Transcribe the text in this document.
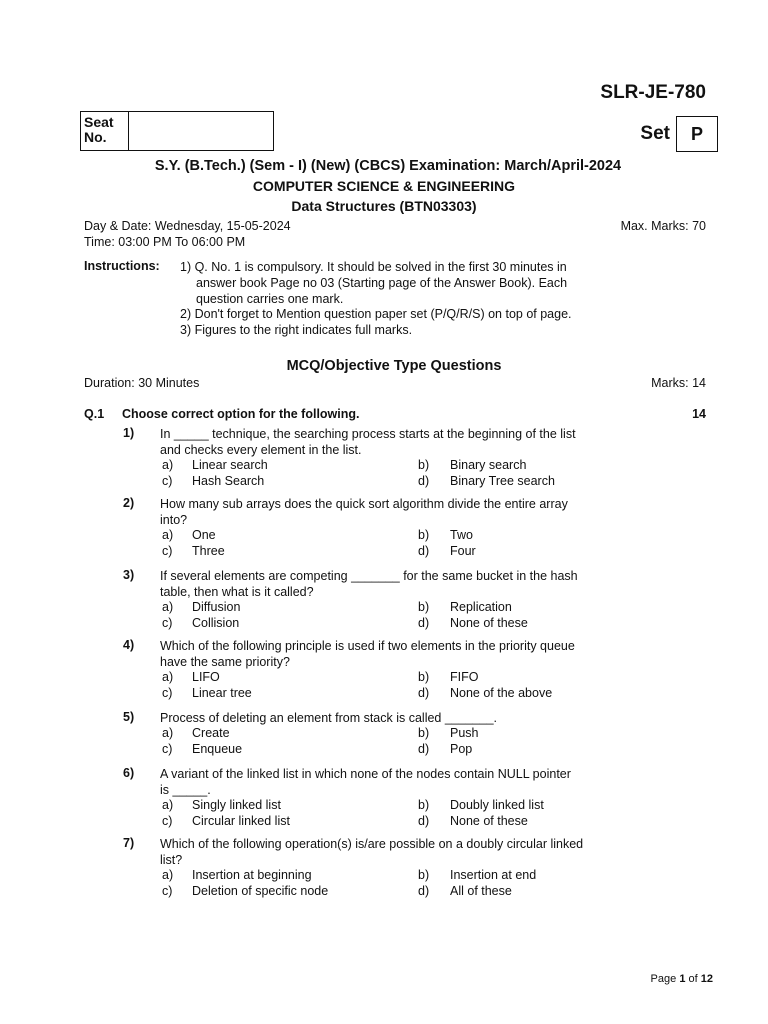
SLR-JE-780
Seat No.	Set	P
S.Y. (B.Tech.) (Sem - I) (New) (CBCS) Examination: March/April-2024
COMPUTER SCIENCE & ENGINEERING
Data Structures (BTN03303)
Day & Date: Wednesday, 15-05-2024
Time: 03:00 PM To 06:00 PM
Max. Marks: 70
Instructions: 1) Q. No. 1 is compulsory. It should be solved in the first 30 minutes in
answer book Page no 03 (Starting page of the Answer Book). Each
question carries one mark.
2) Don't forget to Mention question paper set (P/Q/R/S) on top of page.
3) Figures to the right indicates full marks.
MCQ/Objective Type Questions
Duration: 30 Minutes	Marks: 14
Q.1 Choose correct option for the following.	14
1) In _____ technique, the searching process starts at the beginning of the list
and checks every element in the list.
a) Linear search	b) Binary search
c) Hash Search	d) Binary Tree search
2) How many sub arrays does the quick sort algorithm divide the entire array
into?
a) One	b) Two
c) Three	d) Four
3) If several elements are competing _______ for the same bucket in the hash
table, then what is it called?
a) Diffusion	b) Replication
c) Collision	d) None of these
4) Which of the following principle is used if two elements in the priority queue
have the same priority?
a) LIFO	b) FIFO
c) Linear tree	d) None of the above
5) Process of deleting an element from stack is called _______.
a) Create	b) Push
c) Enqueue	d) Pop
6) A variant of the linked list in which none of the nodes contain NULL pointer
is _____.
a) Singly linked list	b) Doubly linked list
c) Circular linked list	d) None of these
7) Which of the following operation(s) is/are possible on a doubly circular linked
list?
a) Insertion at beginning	b) Insertion at end
c) Deletion of specific node	d) All of these
Page 1 of 12
